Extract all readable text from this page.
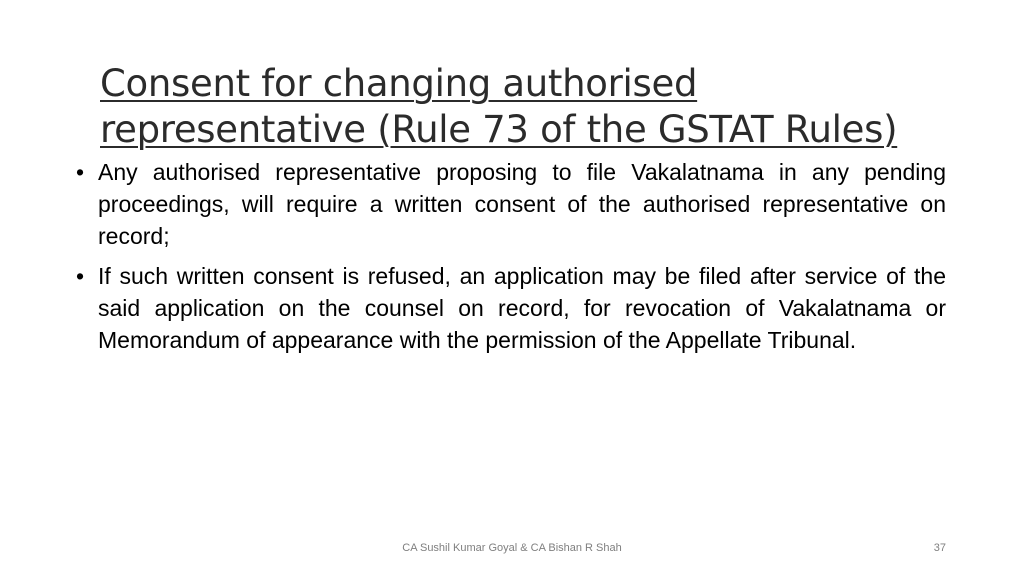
Consent for changing authorised
representative (Rule 73 of the GSTAT Rules)
• Any authorised representative proposing to file Vakalatnama in any pending proceedings, will require a written consent of the authorised representative on record;
• If such written consent is refused, an application may be filed after service of the said application on the counsel on record, for revocation of Vakalatnama or Memorandum of appearance with the permission of the Appellate Tribunal.
CA Sushil Kumar Goyal & CA Bishan R Shah	37
